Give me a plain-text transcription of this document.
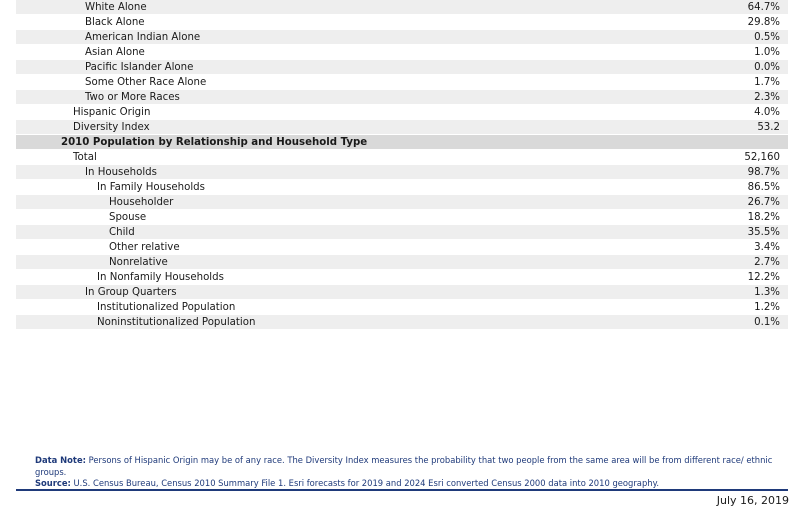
White Alone	64.7%
Black Alone	29.8%
American Indian Alone	0.5%
Asian Alone	1.0%
Pacific Islander Alone	0.0%
Some Other Race Alone	1.7%
Two or More Races	2.3%
Hispanic Origin	4.0%
Diversity Index	53.2
2010 Population by Relationship and Household Type
Total	52,160
In Households	98.7%
In Family Households	86.5%
Householder	26.7%
Spouse	18.2%
Child	35.5%
Other relative	3.4%
Nonrelative	2.7%
In Nonfamily Households	12.2%
In Group Quarters	1.3%
Institutionalized Population	1.2%
Noninstitutionalized Population	0.1%
Data Note: Persons of Hispanic Origin may be of any race. The Diversity Index measures the probability that two people from the same area will be from different race/ ethnic groups.
Source: U.S. Census Bureau, Census 2010 Summary File 1. Esri forecasts for 2019 and 2024 Esri converted Census 2000 data into 2010 geography.
July 16, 2019
